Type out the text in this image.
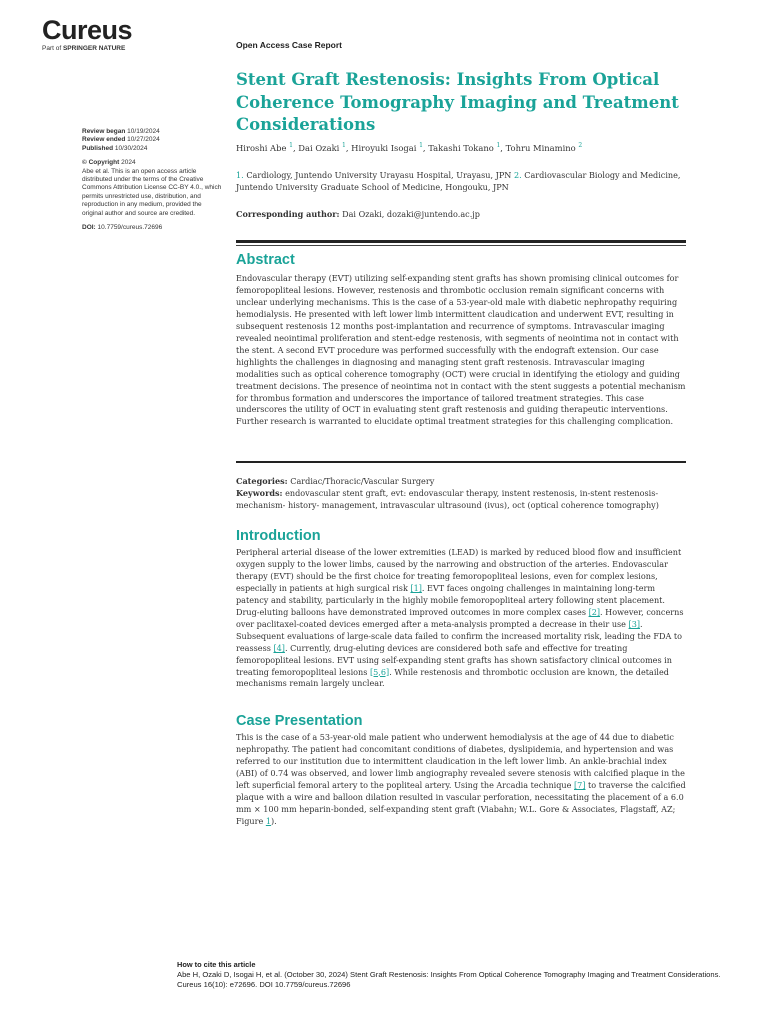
Cureus
Part of SPRINGER NATURE	Open Access Case Report
Stent Graft Restenosis: Insights From Optical Coherence Tomography Imaging and Treatment Considerations
Review began 10/19/2024
Review ended 10/27/2024
Published 10/30/2024
© Copyright 2024
Abe et al. This is an open access article distributed under the terms of the Creative Commons Attribution License CC-BY 4.0., which permits unrestricted use, distribution, and reproduction in any medium, provided the original author and source are credited.
DOI: 10.7759/cureus.72696
Hiroshi Abe $^1$, Dai Ozaki $^1$, Hiroyuki Isogai $^1$, Takashi Tokano $^1$, Tohru Minamino $^2$
1. Cardiology, Juntendo University Urayasu Hospital, Urayasu, JPN 2. Cardiovascular Biology and Medicine, Juntendo University Graduate School of Medicine, Hongouku, JPN
Corresponding author: Dai Ozaki, dozaki@juntendo.ac.jp
Abstract
Endovascular therapy (EVT) utilizing self-expanding stent grafts has shown promising clinical outcomes for femoropopliteal lesions. However, restenosis and thrombotic occlusion remain significant concerns with unclear underlying mechanisms. This is the case of a 53-year-old male with diabetic nephropathy requiring hemodialysis. He presented with left lower limb intermittent claudication and underwent EVT, resulting in subsequent restenosis 12 months post-implantation and recurrence of symptoms. Intravascular imaging revealed neointimal proliferation and stent-edge restenosis, with segments of neointima not in contact with the stent. A second EVT procedure was performed successfully with the endograft extension. Our case highlights the challenges in diagnosing and managing stent graft restenosis. Intravascular imaging modalities such as optical coherence tomography (OCT) were crucial in identifying the etiology and guiding treatment decisions. The presence of neointima not in contact with the stent suggests a potential mechanism for thrombus formation and underscores the importance of tailored treatment strategies. This case underscores the utility of OCT in evaluating stent graft restenosis and guiding therapeutic interventions. Further research is warranted to elucidate optimal treatment strategies for this challenging complication.
Categories: Cardiac/Thoracic/Vascular Surgery
Keywords: endovascular stent graft, evt: endovascular therapy, instent restenosis, in-stent restenosis- mechanism- history- management, intravascular ultrasound (ivus), oct (optical coherence tomography)
Introduction
Peripheral arterial disease of the lower extremities (LEAD) is marked by reduced blood flow and insufficient oxygen supply to the lower limbs, caused by the narrowing and obstruction of the arteries. Endovascular therapy (EVT) should be the first choice for treating femoropopliteal lesions, even for complex lesions, especially in patients at high surgical risk [1]. EVT faces ongoing challenges in maintaining long-term patency and stability, particularly in the highly mobile femoropopliteal artery following stent placement. Drug-eluting balloons have demonstrated improved outcomes in more complex cases [2]. However, concerns over paclitaxel-coated devices emerged after a meta-analysis prompted a decrease in their use [3]. Subsequent evaluations of large-scale data failed to confirm the increased mortality risk, leading the FDA to reassess [4]. Currently, drug-eluting devices are considered both safe and effective for treating femoropopliteal lesions. EVT using self-expanding stent grafts has shown satisfactory clinical outcomes in treating femoropopliteal lesions [5,6]. While restenosis and thrombotic occlusion are known, the detailed mechanisms remain largely unclear.
Case Presentation
This is the case of a 53-year-old male patient who underwent hemodialysis at the age of 44 due to diabetic nephropathy. The patient had concomitant conditions of diabetes, dyslipidemia, and hypertension and was referred to our institution due to intermittent claudication in the left lower limb. An ankle-brachial index (ABI) of 0.74 was observed, and lower limb angiography revealed severe stenosis with calcified plaque in the left superficial femoral artery to the popliteal artery. Using the Arcadia technique [7] to traverse the calcified plaque with a wire and balloon dilation resulted in vascular perforation, necessitating the placement of a 6.0 mm × 100 mm heparin-bonded, self-expanding stent graft (Viabahn; W.L. Gore & Associates, Flagstaff, AZ; Figure 1).
How to cite this article
Abe H, Ozaki D, Isogai H, et al. (October 30, 2024) Stent Graft Restenosis: Insights From Optical Coherence Tomography Imaging and Treatment Considerations. Cureus 16(10): e72696. DOI 10.7759/cureus.72696
